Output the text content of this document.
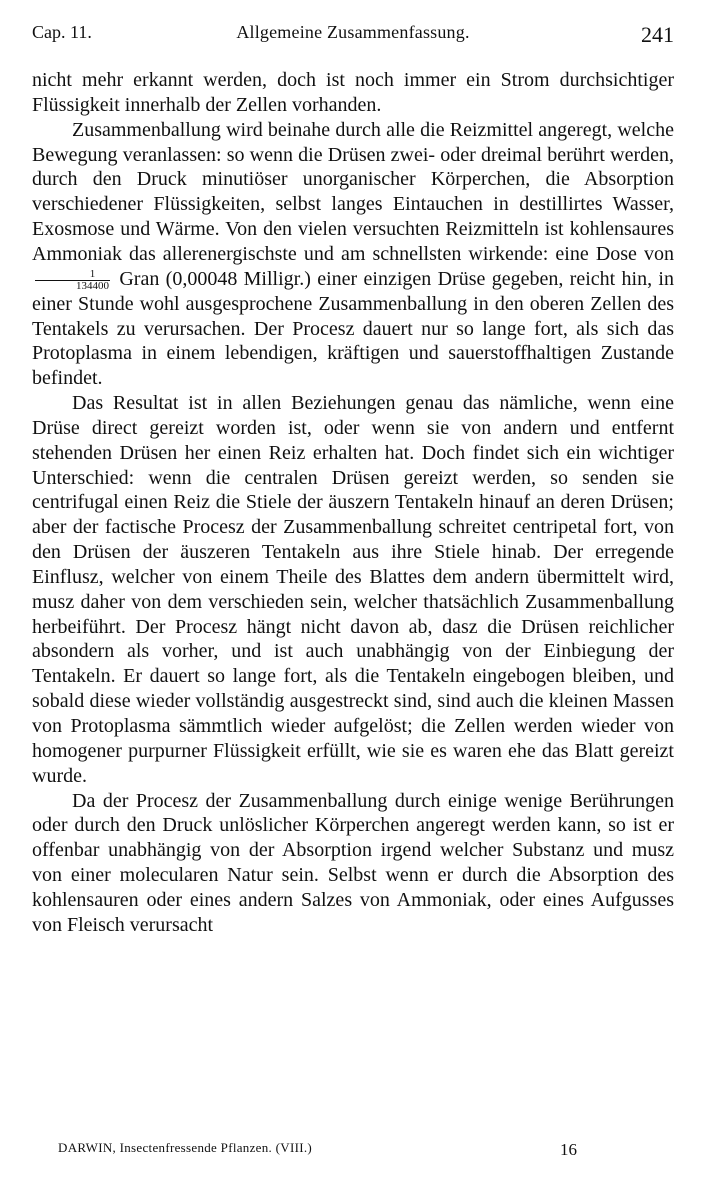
Cap. 11.	Allgemeine Zusammenfassung.	241

nicht mehr erkannt werden, doch ist noch immer ein Strom durchsichtiger Flüssigkeit innerhalb der Zellen vorhanden.

Zusammenballung wird beinahe durch alle die Reizmittel angeregt, welche Bewegung veranlassen: so wenn die Drüsen zwei- oder dreimal berührt werden, durch den Druck minutiöser unorganischer Körperchen, die Absorption verschiedener Flüssigkeiten, selbst langes Eintauchen in destillirtes Wasser, Exosmose und Wärme. Von den vielen versuchten Reizmitteln ist kohlensaures Ammoniak das allerenergischste und am schnellsten wirkende: eine Dose von
$\frac{1}{134400}$ Gran (0,00048 Milligr.) einer einzigen Drüse gegeben, reicht hin, in einer Stunde wohl ausgesprochene Zusammenballung in den oberen Zellen des Tentakels zu verursachen. Der Procesz dauert nur so lange fort, als sich das Protoplasma in einem lebendigen, kräftigen und sauerstoffhaltigen Zustande befindet.

Das Resultat ist in allen Beziehungen genau das nämliche, wenn eine Drüse direct gereizt worden ist, oder wenn sie von andern und entfernt stehenden Drüsen her einen Reiz erhalten hat. Doch findet sich ein wichtiger Unterschied: wenn die centralen Drüsen gereizt werden, so senden sie centrifugal einen Reiz die Stiele der äuszern Tentakeln hinauf an deren Drüsen; aber der factische Procesz der Zusammenballung schreitet centripetal fort, von den Drüsen der äuszeren Tentakeln aus ihre Stiele hinab. Der erregende Einflusz, welcher von einem Theile des Blattes dem andern übermittelt wird, musz daher von dem verschieden sein, welcher thatsächlich Zusammenballung herbeiführt. Der Procesz hängt nicht davon ab, dasz die Drüsen reichlicher absondern als vorher, und ist auch unabhängig von der Einbiegung der Tentakeln. Er dauert so lange fort, als die Tentakeln eingebogen bleiben, und sobald diese wieder vollständig ausgestreckt sind, sind auch die kleinen Massen von Protoplasma sämmtlich wieder aufgelöst; die Zellen werden wieder von homogener purpurner Flüssigkeit erfüllt, wie sie es waren ehe das Blatt gereizt wurde.

Da der Procesz der Zusammenballung durch einige wenige Berührungen oder durch den Druck unlöslicher Körperchen angeregt werden kann, so ist er offenbar unabhängig von der Absorption irgend welcher Substanz und musz von einer molecularen Natur sein. Selbst wenn er durch die Absorption des kohlensauren oder eines andern Salzes von Ammoniak, oder eines Aufgusses von Fleisch verursacht

DARWIN, Insectenfressende Pflanzen. (VIII.)	16
